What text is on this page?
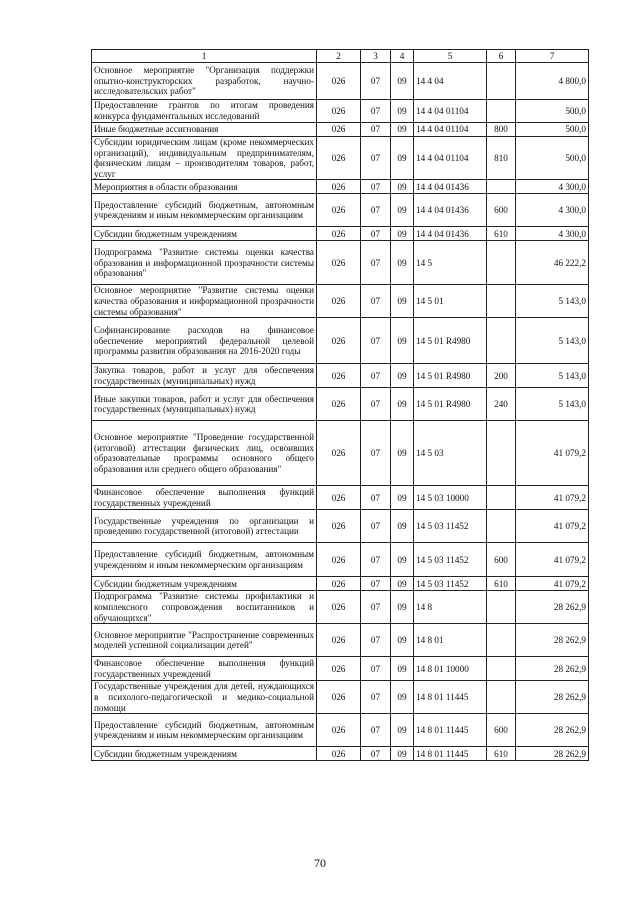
1	2	3	4	5	6	7
Основное мероприятие "Организация поддержки опытно-конструкторских разработок, научно-исследовательских работ"	026	07	09	14 4 04		4 800,0
Предоставление грантов по итогам проведения конкурса фундаментальных исследований	026	07	09	14 4 04 01104		500,0
Иные бюджетные ассигнования	026	07	09	14 4 04 01104	800	500,0
Субсидии юридическим лицам (кроме некоммерческих организаций), индивидуальным предпринимателям, физическим лицам – производителям товаров, работ, услуг	026	07	09	14 4 04 01104	810	500,0
Мероприятия в области образования	026	07	09	14 4 04 01436		4 300,0
Предоставление субсидий бюджетным, автономным учреждениям и иным некоммерческим организациям	026	07	09	14 4 04 01436	600	4 300,0
Субсидии бюджетным учреждениям	026	07	09	14 4 04 01436	610	4 300,0
Подпрограмма "Развитие системы оценки качества образования и информационной прозрачности системы образования"	026	07	09	14 5		46 222,2
Основное мероприятие "Развитие системы оценки качества образования и информационной прозрачности системы образования"	026	07	09	14 5 01		5 143,0
Софинансирование расходов на финансовое обеспечение мероприятий федеральной целевой программы развития образования на 2016-2020 годы	026	07	09	14 5 01 R4980		5 143,0
Закупка товаров, работ и услуг для обеспечения государственных (муниципальных) нужд	026	07	09	14 5 01 R4980	200	5 143,0
Иные закупки товаров, работ и услуг для обеспечения государственных (муниципальных) нужд	026	07	09	14 5 01 R4980	240	5 143,0
Основное мероприятие "Проведение государственной (итоговой) аттестации физических лиц, освоивших образовательные программы основного общего образования или среднего общего образования"	026	07	09	14 5 03		41 079,2
Финансовое обеспечение выполнения функций государственных учреждений	026	07	09	14 5 03 10000		41 079,2
Государственные учреждения по организации и проведению государственной (итоговой) аттестации	026	07	09	14 5 03 11452		41 079,2
Предоставление субсидий бюджетным, автономным учреждениям и иным некоммерческим организациям	026	07	09	14 5 03 11452	600	41 079,2
Субсидии бюджетным учреждениям	026	07	09	14 5 03 11452	610	41 079,2
Подпрограмма "Развитие системы профилактики и комплексного сопровождения воспитанников и обучающихся"	026	07	09	14 8		28 262,9
Основное мероприятие "Распространение современных моделей успешной социализации детей"	026	07	09	14 8 01		28 262,9
Финансовое обеспечение выполнения функций государственных учреждений	026	07	09	14 8 01 10000		28 262,9
Государственные учреждения для детей, нуждающихся в психолого-педагогической и медико-социальной помощи	026	07	09	14 8 01 11445		28 262,9
Предоставление субсидий бюджетным, автономным учреждениям и иным некоммерческим организациям	026	07	09	14 8 01 11445	600	28 262,9
Субсидии бюджетным учреждениям	026	07	09	14 8 01 11445	610	28 262,9
70
